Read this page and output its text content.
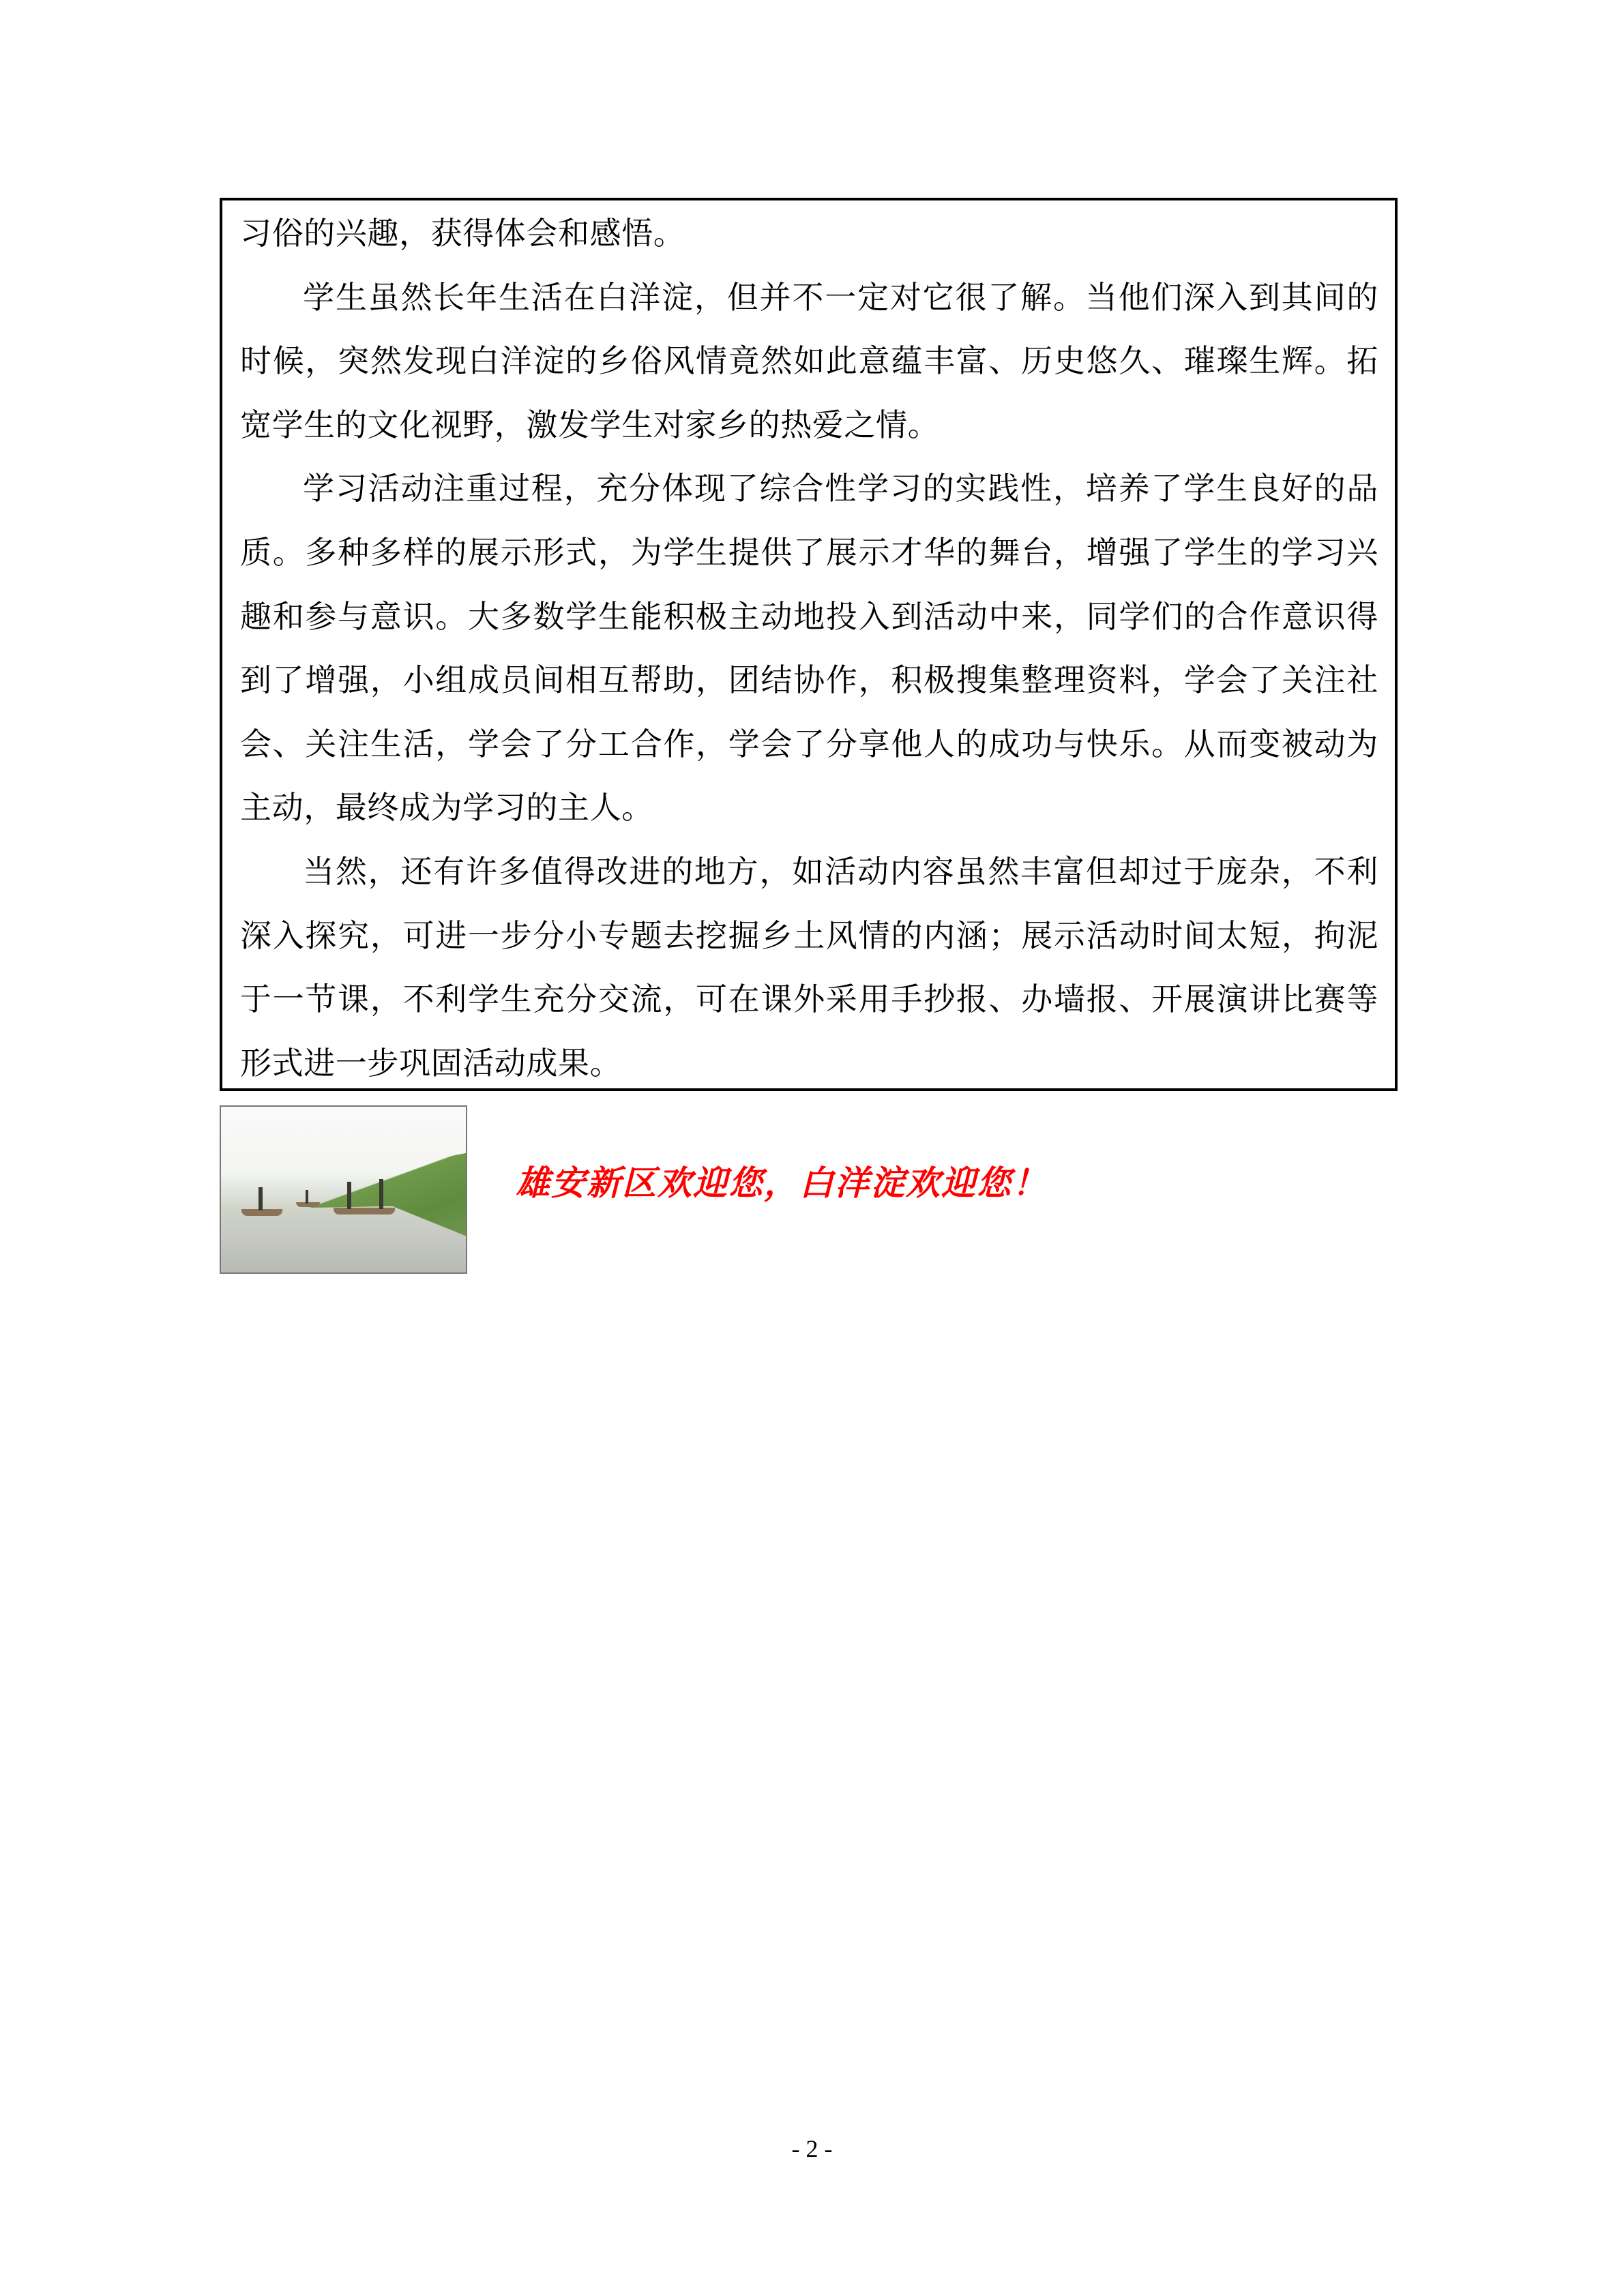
习俗的兴趣，获得体会和感悟。

学生虽然长年生活在白洋淀，但并不一定对它很了解。当他们深入到其间的时候，突然发现白洋淀的乡俗风情竟然如此意蕴丰富、历史悠久、璀璨生辉。拓宽学生的文化视野，激发学生对家乡的热爱之情。

学习活动注重过程，充分体现了综合性学习的实践性，培养了学生良好的品质。多种多样的展示形式，为学生提供了展示才华的舞台，增强了学生的学习兴趣和参与意识。大多数学生能积极主动地投入到活动中来，同学们的合作意识得到了增强，小组成员间相互帮助，团结协作，积极搜集整理资料，学会了关注社会、关注生活，学会了分工合作，学会了分享他人的成功与快乐。从而变被动为主动，最终成为学习的主人。

当然，还有许多值得改进的地方，如活动内容虽然丰富但却过于庞杂，不利深入探究，可进一步分小专题去挖掘乡土风情的内涵；展示活动时间太短，拘泥于一节课，不利学生充分交流，可在课外采用手抄报、办墙报、开展演讲比赛等形式进一步巩固活动成果。

雄安新区欢迎您，白洋淀欢迎您！
- 2 -
